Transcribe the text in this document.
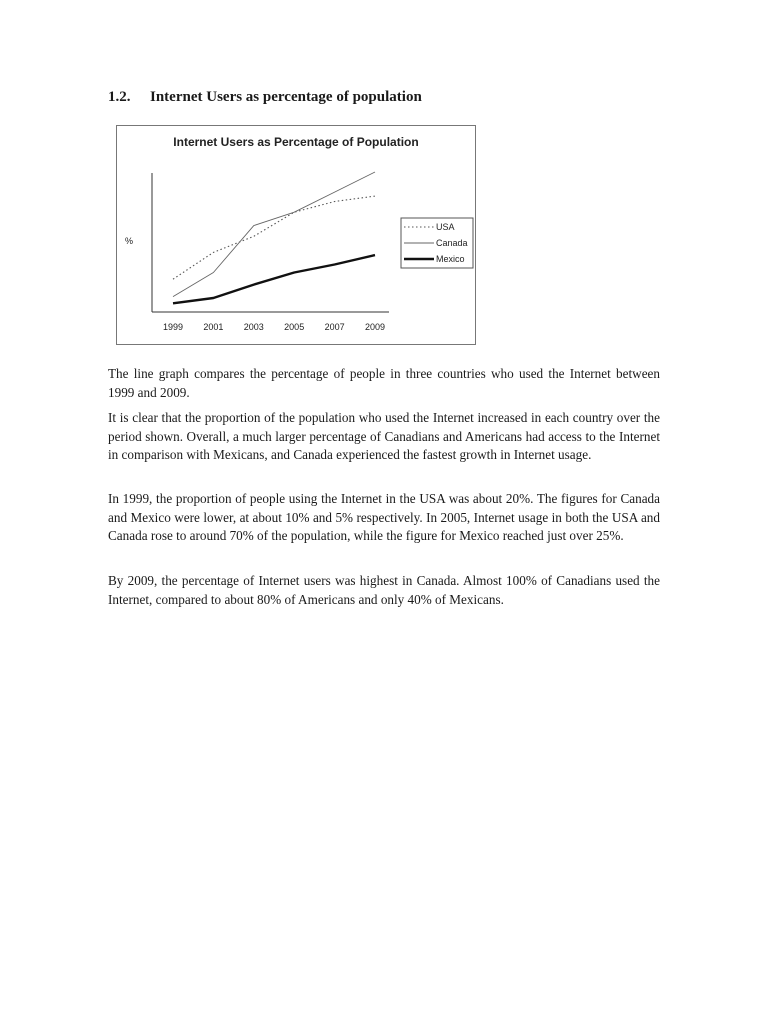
1.2. Internet Users as percentage of population
Internet Users as Percentage of Population
%
1999 2001 2003 2005 2007 2009
USA
Canada
Mexico

The line graph compares the percentage of people in three countries who used the Internet between 1999 and 2009.

It is clear that the proportion of the population who used the Internet increased in each country over the period shown. Overall, a much larger percentage of Canadians and Americans had access to the Internet in comparison with Mexicans, and Canada experienced the fastest growth in Internet usage.

In 1999, the proportion of people using the Internet in the USA was about 20%. The figures for Canada and Mexico were lower, at about 10% and 5% respectively. In 2005, Internet usage in both the USA and Canada rose to around 70% of the population, while the figure for Mexico reached just over 25%.

By 2009, the percentage of Internet users was highest in Canada. Almost 100% of Canadians used the Internet, compared to about 80% of Americans and only 40% of Mexicans.
